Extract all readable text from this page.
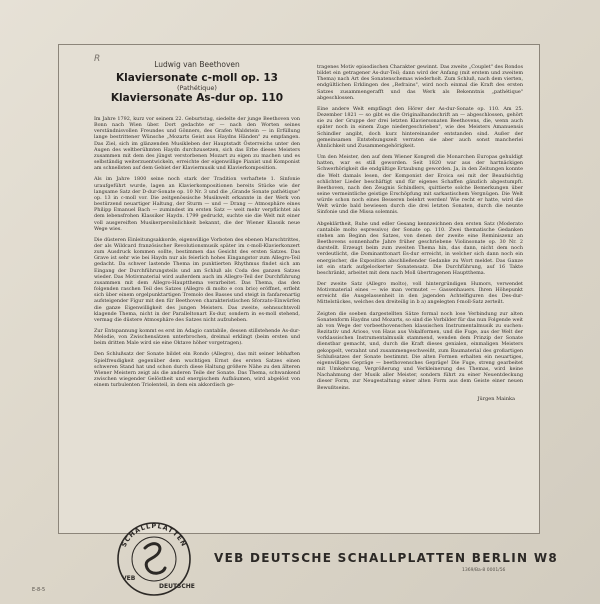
R
Ludwig van Beethoven
Klaviersonate c-moll op. 13
(Pathétique)
Klaviersonate As-dur op. 110

Im Jahre 1792, kurz vor seinem 22. Geburtstag, siedelte der junge Beethoven von Bonn nach Wien über. Dort gedachte er — nach den Worten seines verständnisvollen Freundes und Gönners, des Grafen Waldstein — in Erfüllung lange bestrittener Wünsche „Mozarts Geist aus Haydns Händen" zu empfangen. Das Ziel, sich im glänzenden Musikleben der Hauptstadt Österreichs unter den Augen des weltberühmten Haydn durchzusetzen, sich das Erbe dieses Meisters zusammen mit dem des jüngst verstorbenen Mozart zu eigen zu machen und es selbständig weiterzuentwickeln, erreichte der eigenwillige Pianist und Komponist am schnellsten auf dem Gebiet der Klaviermusik und Klavierkomposition.

Als im Jahre 1800 seine noch stark der Tradition verhaftete 1. Sinfonie uraufgeführt wurde, lagen an Klavierkompositionen bereits Stücke wie der langsame Satz der D-dur-Sonate op. 10 Nr. 3 und die „Grande Sonate pathétique" op. 13 in c-moll vor. Die zeitgenössische Musikwelt erkannte in der Werk von bestürzend neuartiger Haltung, der Sturm — und — Drang — Atmosphäre eines Philipp Emanuel Bach — zumindest im ersten Satz — weit mehr verpflichtet als dem lebensfrohen Klassiker Haydn. 1799 gedruckt, suchte sie die Welt mit einer voll ausgereiften Musikerpersönlichkeit bekannt, die der Wiener Klassik neue Wege wies.

Die düsteren Einleitungsakkorde, eigenwillige Vorboten des ebenen Marschtrittes, der als Wildcard französischer Revolutionsmusik später im c-moll-Klavierkonzert zum Ausdruck kommen sollte, bestimmen das Gesicht des ersten Satzes. Das Grave ist sehr wie bei Haydn nur als feierlich hohes Eingangstor zum Allegro-Teil gedacht. Da schwer lastende Thema im punktierten Rhythmus findet sich am Eingang der Durchführungsteils und am Schluß als Coda des ganzen Satzes wieder. Das Motivmaterial wird außerdem auch im Allegro-Teil der Durchführung zusammen mit dem Allegro-Hauptthema verarbeitet. Das Thema, das den folgenden raschen Teil des Satzes (Allegro di molto e con brio) eröffnet, erfleht sich über einem orgelpunktartigen Tremolo des Basses und steigt in fanfarenartig aufsteigender Figur mit den für Beethoven charakteristischen Sforzato-Einwürfen die ganze Eigenwilligkeit des jungen Meisters. Das zweite, sehnsuchtsvoll klagende Thema, nicht in der Paralleltonart Es-dur, sondern in es-moll stehend, vermag die düstere Atmosphäre des Satzes nicht aufzuheben.

Zur Entspannung kommt es erst im Adagio cantabile, dessen stillstehende As-dur-Melodie, von Zwischensätzen unterbrochen, dreimal erklingt (beim ersten und beim dritten Male wird sie eine Oktave höher vorgetragen).

Den Schlußsatz der Sonate bildet ein Rondo (Allegro), das mit seiner lebhaften Spielfreudigkeit gegenüber dem wuchtigen Ernst des ersten Satzes einen schweren Stand hat und schon durch diese Haltung größere Nähe zu den älteren Wiener Meistern zeigt als die anderen Teile der Sonate. Das Thema, schwankend zwischen wiegender Gelöstheit und energischem Aufbäumen, wird abgelöst von einem turbulenten Triolenteil, in dem ein akkordisch ge-

tragenes Motiv episodischen Charakter gewinnt. Das zweite „Couplet" des Rondos bildet ein getragener As-dur-Teil; dann wird der Anfang (mit erstem und zweitem Thema) nach Art des Sonatenschemas wiederholt. Zum Schluß, nach dem vierten, endgültlichen Erklingen des „Refrains", wird noch einmal die Kraft des ersten Satzes zusammengerafft und das Werk als Bekenntnis „pathétique" abgeschlossen.

Eine andere Welt empfängt den Hörer der As-dur-Sonate op. 110. Am 25. Dezember 1821 — so gibt es die Originalhandschrift an — abgeschlossen, gehört sie zu der Gruppe der drei letzten Klaviersonaten Beethovens, die, wenn auch später noch in einem Zuge niedergeschrieben", wie des Meisters Amanuensis Schindler angibt, doch kurz hintereinander entstanden sind. Außer der gemeinsamen Entstehungszeit verraten sie aber auch sonst mancherlei Ähnlichkeit und Zusammengehörigkeit.

Um den Meister, den auf dem Wiener Kongreß die Monarchen Europas gehuldigt hatten, war es still geworden. Seit 1820 war aus der hartnäckigen Schwerhörigkeit die endgültige Ertaubung geworden. Ja, in den Zeitungen konnte die Welt damals lesen, der Komponist der Eroica sei mit der Beaufsichtig schlichter Lieder beschäftigt und für eigenes Schaffen gänzlich abgestumpft. Beethoven, nach den Zeugnis Schindlers, quittierte solche Bemerkungen über seine vermeintliche geistige Erschöpfung mit sarkastischem Vergnügen. Die Welt würde schon noch eines Besseren belehrt werden! Wie recht er hatte, wird die Welt würde bald bewiesen durch die drei letzten Sonaten, durch die neunte Sinfonie und die Missa solemnis.

Abgeklärtheit, Ruhe und edler Gesang kennzeichnen den ersten Satz (Moderato cantabile molto espressivo) der Sonate op. 110. Zwei thematische Gedanken stehen am Beginn des Satzes, von denen der zweite eine Reminiszenz an Beethovens sonnenhafte Jahre früher geschriebene Violinsonate op. 30 Nr. 2 darstellt. Erzeugt beim zum zweiten Thema hin, das dann, nicht dem noch verdeutlicht, die Dominanttonart Es-dur erreicht, in welcher sich dann noch ein energischer, die Exposition abschließender Gedanke zu Wort meldet. Das Ganze ist ein stark aufgelockerter Sonatensatz. Die Durchführung, auf 16 Takte beschränkt, arbeitet mit dem nach Moll übertragenen Hauptthema.

Der zweite Satz (Allegro molto), voll hintergründigen Humors, verwendet Motivmaterial eines — wie man vermutet — Gassenhauers. Ihren Höhepunkt erreicht die Ausgelassenheit in den jagenden Achtelfiguren des Des-dur-Mittelstückes, welches den dreiteilig in b a) angelegten f-moll-Satz zerteilt.

Zeigten die soeben dargestellten Sätze formal noch lose Verbindung zur alten Sonatenform Haydns und Mozarts, so sind die Vorbilder für das nun Folgende weit ab von Wege der vorbeethovenschen klassischen Instrumentalmusik zu suchen: Rezitativ und Arioso, von Haus aus Vokalformen, und die Fuge, aus der Welt der vorklassischen Instrumentalmusik stammend, wenden dem Prinzip der Sonate dienstbar gemacht, und, durch die Kraft dieses genialen, einmaligen Meisters gekoppelt, verzahnt und zusammengeschweißt, zum Baumaterial des großartigen Schlußsatzes der Sonate bestimmt. Die alten Formen erhalten ein neuartiges, eigenwilliges Gepräge — beethovensches Gepräge! Die Fuge, streng gearbeitet mit Umkehrung, Vergrößerung und Verkleinerung des Themas, wird keine Nachahmung der Musik aller Meister, sondern führt zu einer Neuentdeckung dieser Form, zur Neugestaltung einer alten Form aus dem Geiste einer neuen Bewußtseins.

Jürgen Mainka
SCHALLPLATTEN
VEB
DEUTSCHE
VEB DEUTSCHE SCHALLPLATTEN BERLIN W8
1369/Ba-8 0001/56
E-8-5
